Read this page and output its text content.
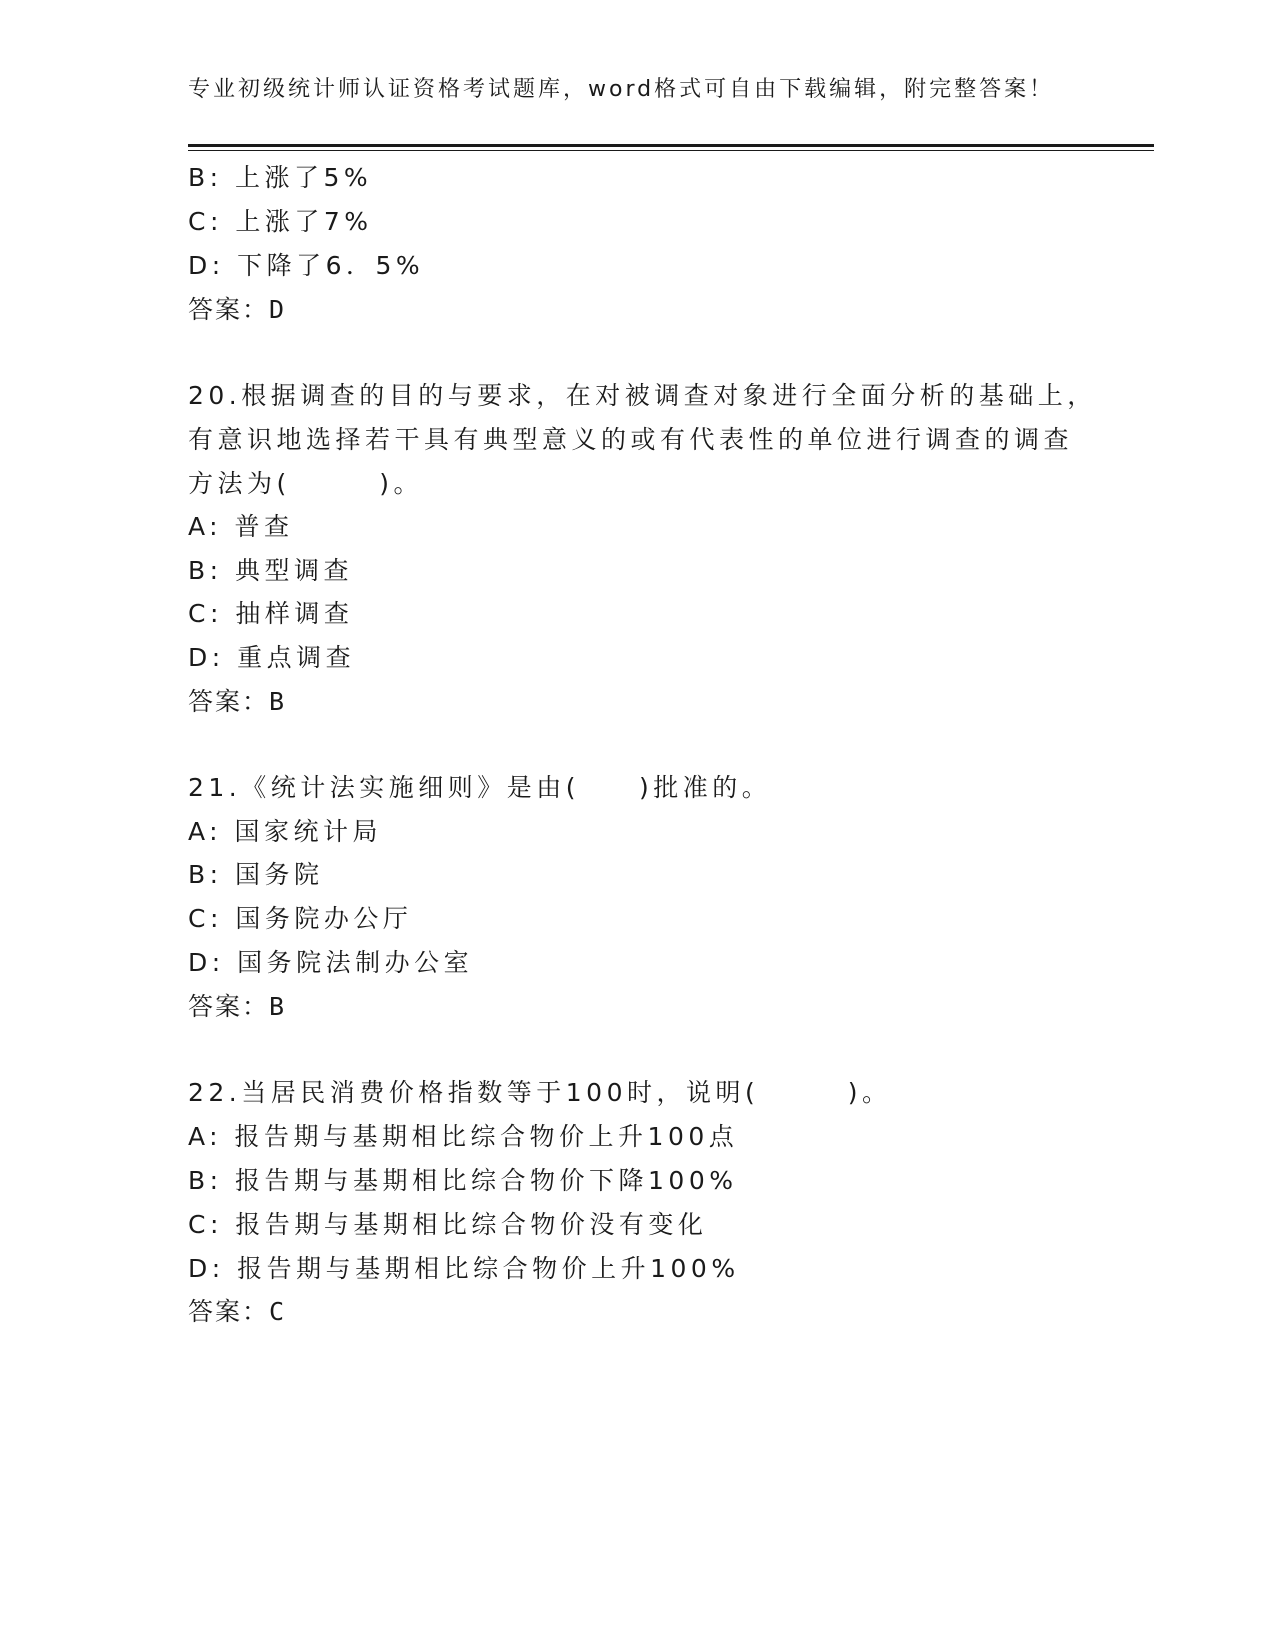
专业初级统计师认证资格考试题库，word格式可自由下载编辑，附完整答案！
B: 上涨了5%
C: 上涨了7%
D: 下降了6．5%
答案：D
20.根据调查的目的与要求，在对被调查对象进行全面分析的基础上，
有意识地选择若干具有典型意义的或有代表性的单位进行调查的调查
方法为(　　　)。
A: 普查
B: 典型调查
C: 抽样调查
D: 重点调查
答案：B
21.《统计法实施细则》是由(　　)批准的。
A: 国家统计局
B: 国务院
C: 国务院办公厅
D: 国务院法制办公室
答案：B
22.当居民消费价格指数等于100时，说明(　　　)。
A: 报告期与基期相比综合物价上升100点
B: 报告期与基期相比综合物价下降100%
C: 报告期与基期相比综合物价没有变化
D: 报告期与基期相比综合物价上升100%
答案：C
